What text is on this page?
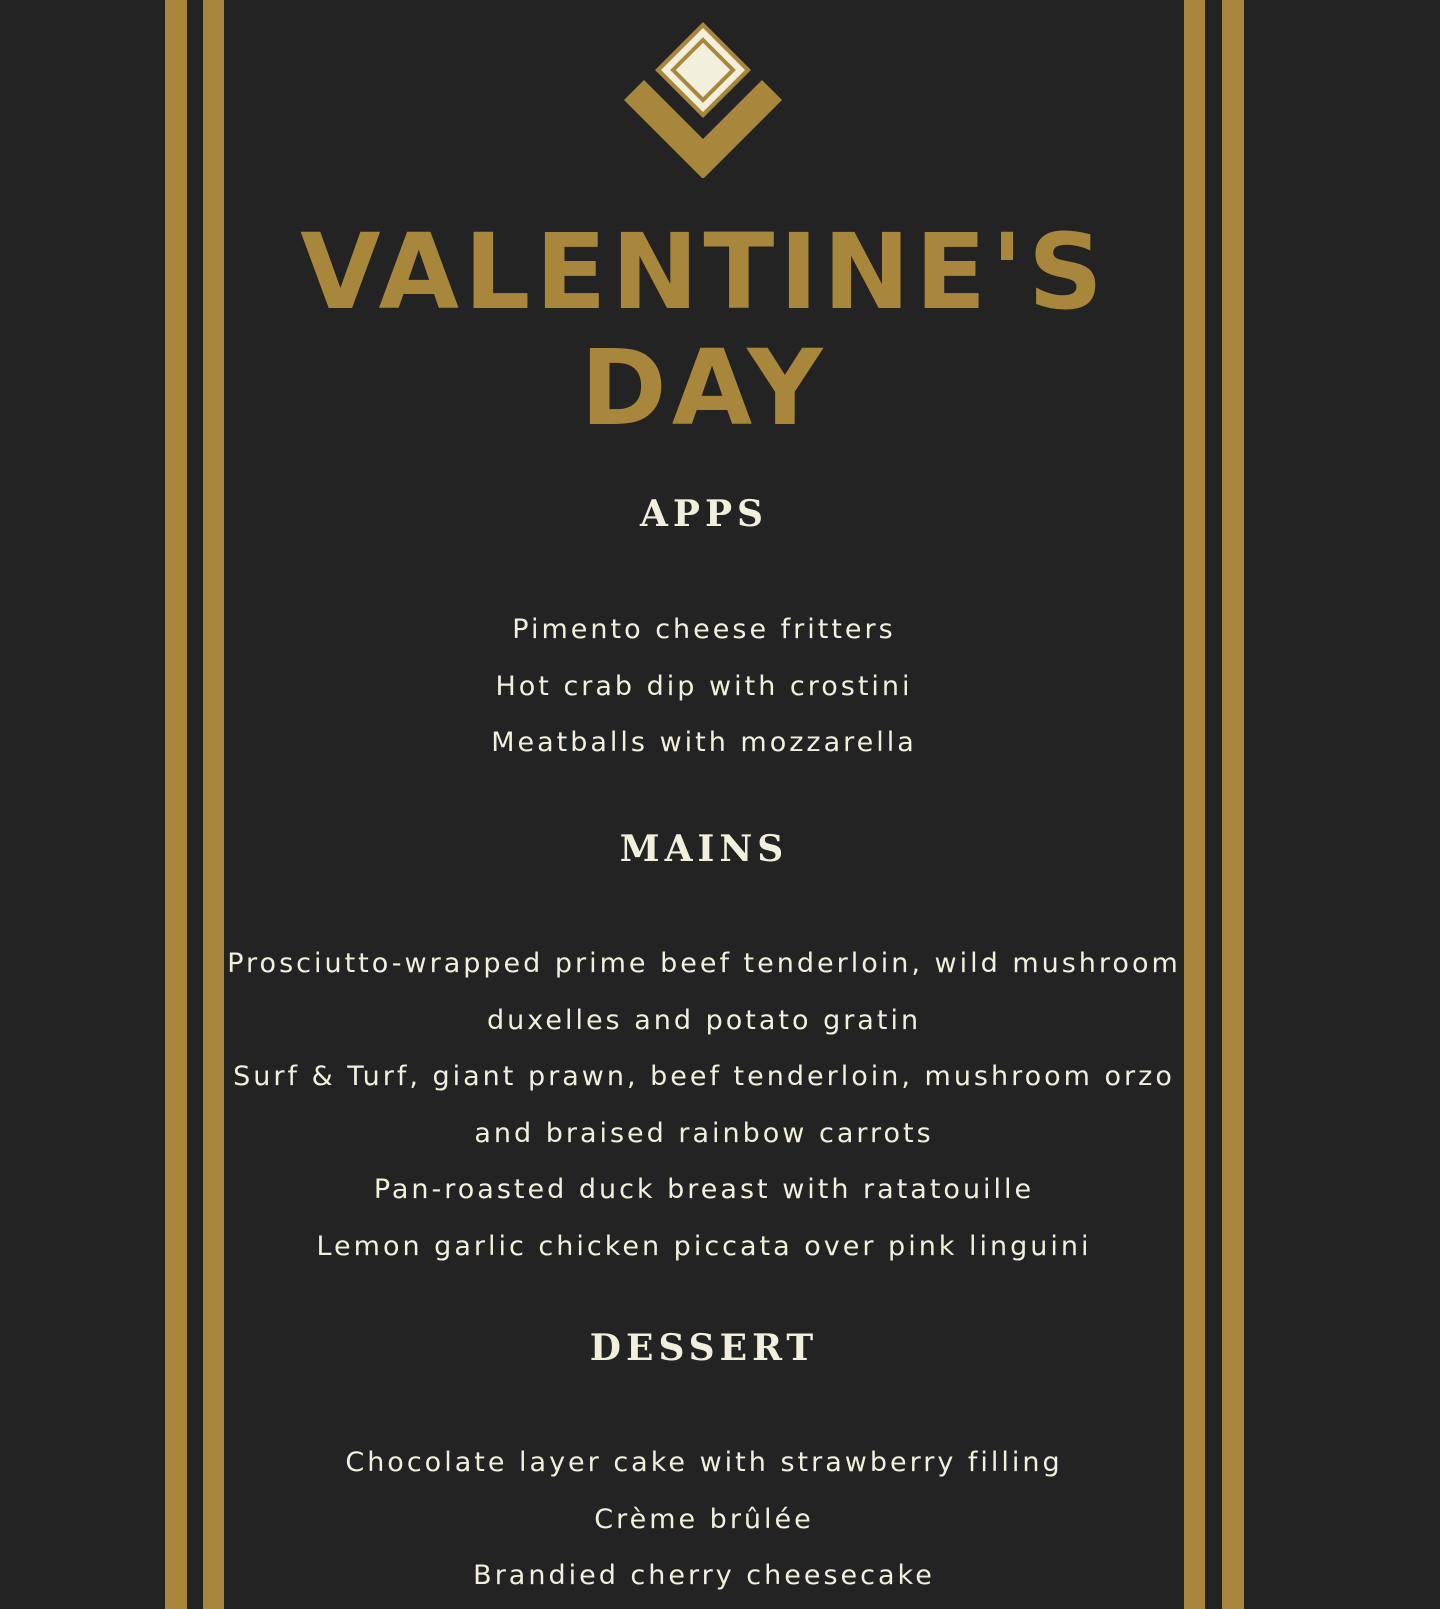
VALENTINE'S
DAY
APPS
Pimento cheese fritters
Hot crab dip with crostini
Meatballs with mozzarella
MAINS
Prosciutto-wrapped prime beef tenderloin, wild mushroom
duxelles and potato gratin
Surf & Turf, giant prawn, beef tenderloin, mushroom orzo
and braised rainbow carrots
Pan-roasted duck breast with ratatouille
Lemon garlic chicken piccata over pink linguini
DESSERT
Chocolate layer cake with strawberry filling
Crème brûlée
Brandied cherry cheesecake
